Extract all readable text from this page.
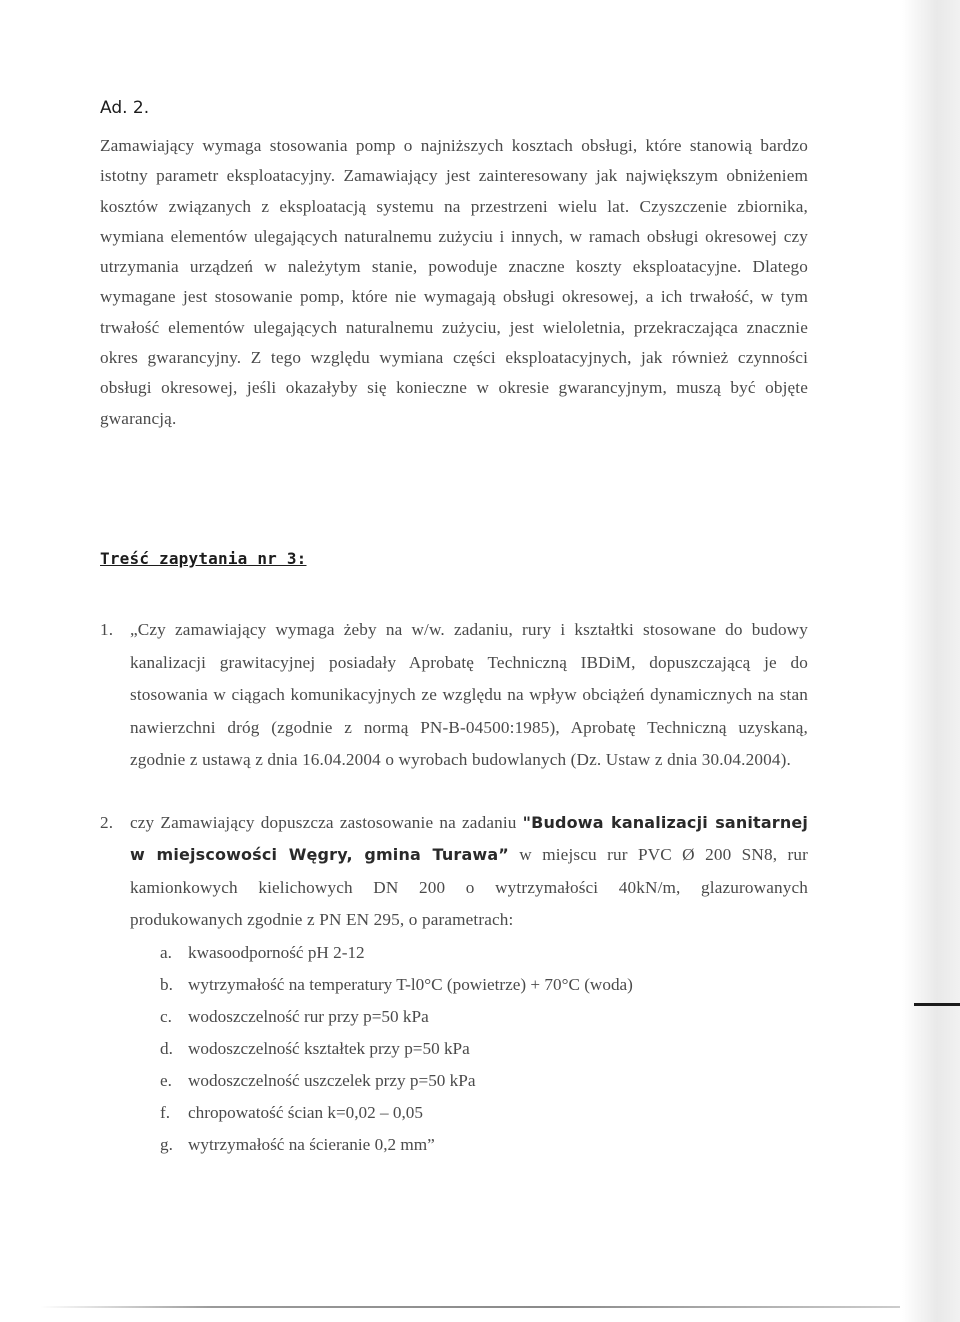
Ad. 2.

Zamawiający wymaga stosowania pomp o najniższych kosztach obsługi, które stanowią bardzo istotny parametr eksploatacyjny. Zamawiający jest zainteresowany jak największym obniżeniem kosztów związanych z eksploatacją systemu na przestrzeni wielu lat. Czyszczenie zbiornika, wymiana elementów ulegających naturalnemu zużyciu i innych, w ramach obsługi okresowej czy utrzymania urządzeń w należytym stanie, powoduje znaczne koszty eksploatacyjne. Dlatego wymagane jest stosowanie pomp, które nie wymagają obsługi okresowej, a ich trwałość, w tym trwałość elementów ulegających naturalnemu zużyciu, jest wieloletnia, przekraczająca znacznie okres gwarancyjny. Z tego względu wymiana części eksploatacyjnych, jak również czynności obsługi okresowej, jeśli okazałyby się konieczne w okresie gwarancyjnym, muszą być objęte gwarancją.

Treść zapytania nr 3:
1. „Czy zamawiający wymaga żeby na w/w. zadaniu, rury i kształtki stosowane do budowy kanalizacji grawitacyjnej posiadały Aprobatę Techniczną IBDiM, dopuszczającą je do stosowania w ciągach komunikacyjnych ze względu na wpływ obciążeń dynamicznych na stan nawierzchni dróg (zgodnie z normą PN-B-04500:1985), Aprobatę Techniczną uzyskaną, zgodnie z ustawą z dnia 16.04.2004 o wyrobach budowlanych (Dz. Ustaw z dnia 30.04.2004).
2. czy Zamawiający dopuszcza zastosowanie na zadaniu "Budowa kanalizacji sanitarnej w miejscowości Węgry, gmina Turawa” w miejscu rur PVC Ø 200 SN8, rur kamionkowych kielichowych DN 200 o wytrzymałości 40kN/m, glazurowanych produkowanych zgodnie z PN EN 295, o parametrach:
a. kwasoodporność pH 2-12
b. wytrzymałość na temperatury T-l0°C (powietrze) + 70°C (woda)
c. wodoszczelność rur przy p=50 kPa
d. wodoszczelność kształtek przy p=50 kPa
e. wodoszczelność uszczelek przy p=50 kPa
f. chropowatość ścian k=0,02 – 0,05
g. wytrzymałość na ścieranie 0,2 mm”
